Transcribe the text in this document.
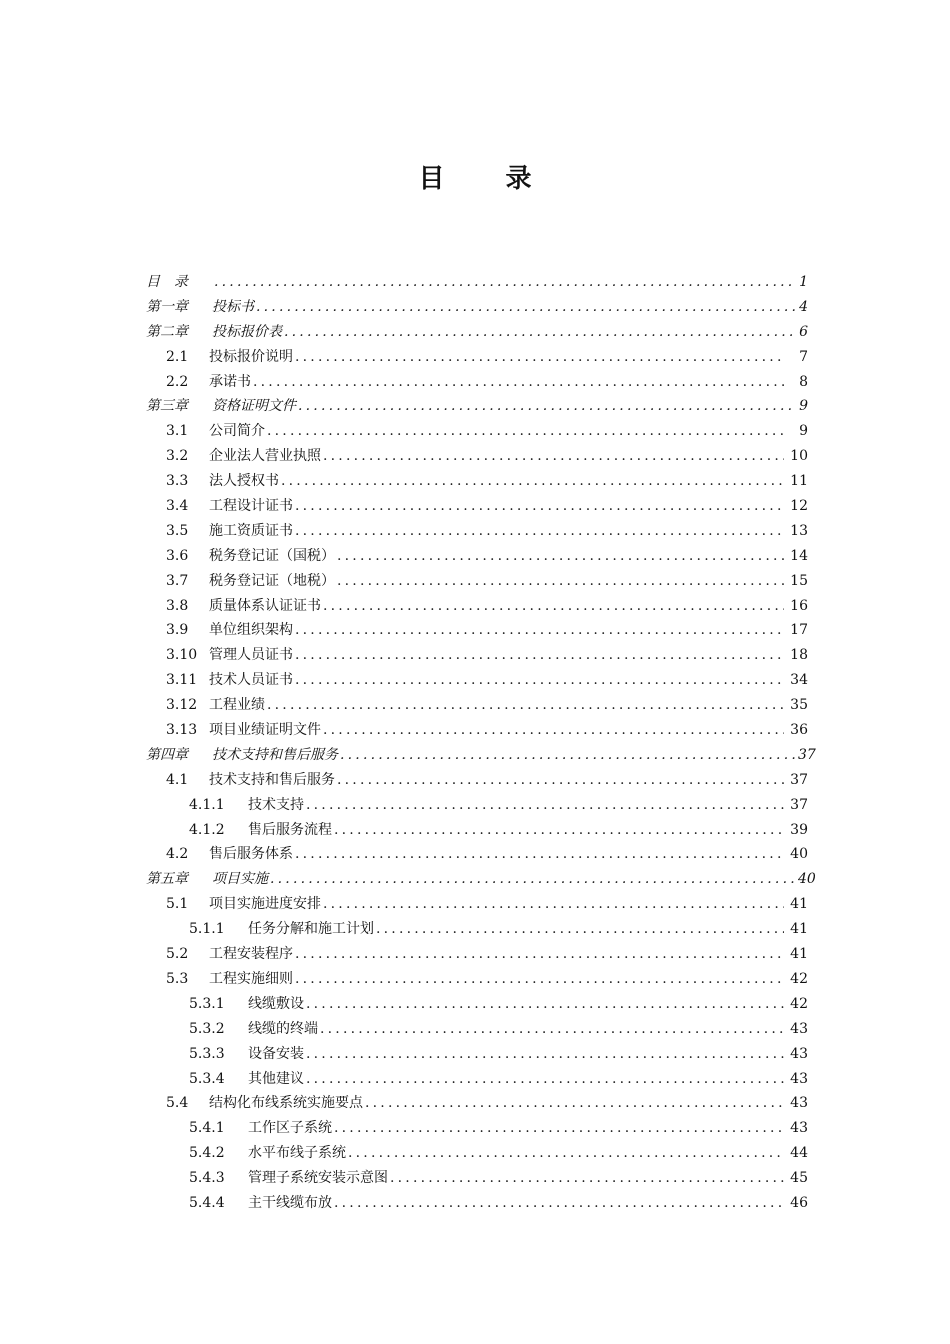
目 录
目　录 .....	1
第一章	投标书 .....	4
第二章	投标报价表 .....	6
2.1	投标报价说明 .....	7
2.2	承诺书 .....	8
第三章	资格证明文件 .....	9
3.1	公司简介 .....	9
3.2	企业法人营业执照 .....	10
3.3	法人授权书 .....	11
3.4	工程设计证书 .....	12
3.5	施工资质证书 .....	13
3.6	税务登记证（国税） .....	14
3.7	税务登记证（地税） .....	15
3.8	质量体系认证证书 .....	16
3.9	单位组织架构 .....	17
3.10 管理人员证书 .....	18
3.11 技术人员证书 .....	34
3.12 工程业绩 .....	35
3.13 项目业绩证明文件 .....	36
第四章	技术支持和售后服务 .....	37
4.1	技术支持和售后服务 .....	37
4.1.1	技术支持 .....	37
4.1.2	售后服务流程 .....	39
4.2	售后服务体系 .....	40
第五章	项目实施 .....	40
5.1	项目实施进度安排 .....	41
5.1.1	任务分解和施工计划 .....	41
5.2	工程安装程序 .....	41
5.3	工程实施细则 .....	42
5.3.1	线缆敷设 .....	42
5.3.2	线缆的终端 .....	43
5.3.3	设备安装 .....	43
5.3.4	其他建议 .....	43
5.4	结构化布线系统实施要点 .....	43
5.4.1	工作区子系统 .....	43
5.4.2	水平布线子系统 .....	44
5.4.3	管理子系统安装示意图 .....	45
5.4.4	主干线缆布放 .....	46
